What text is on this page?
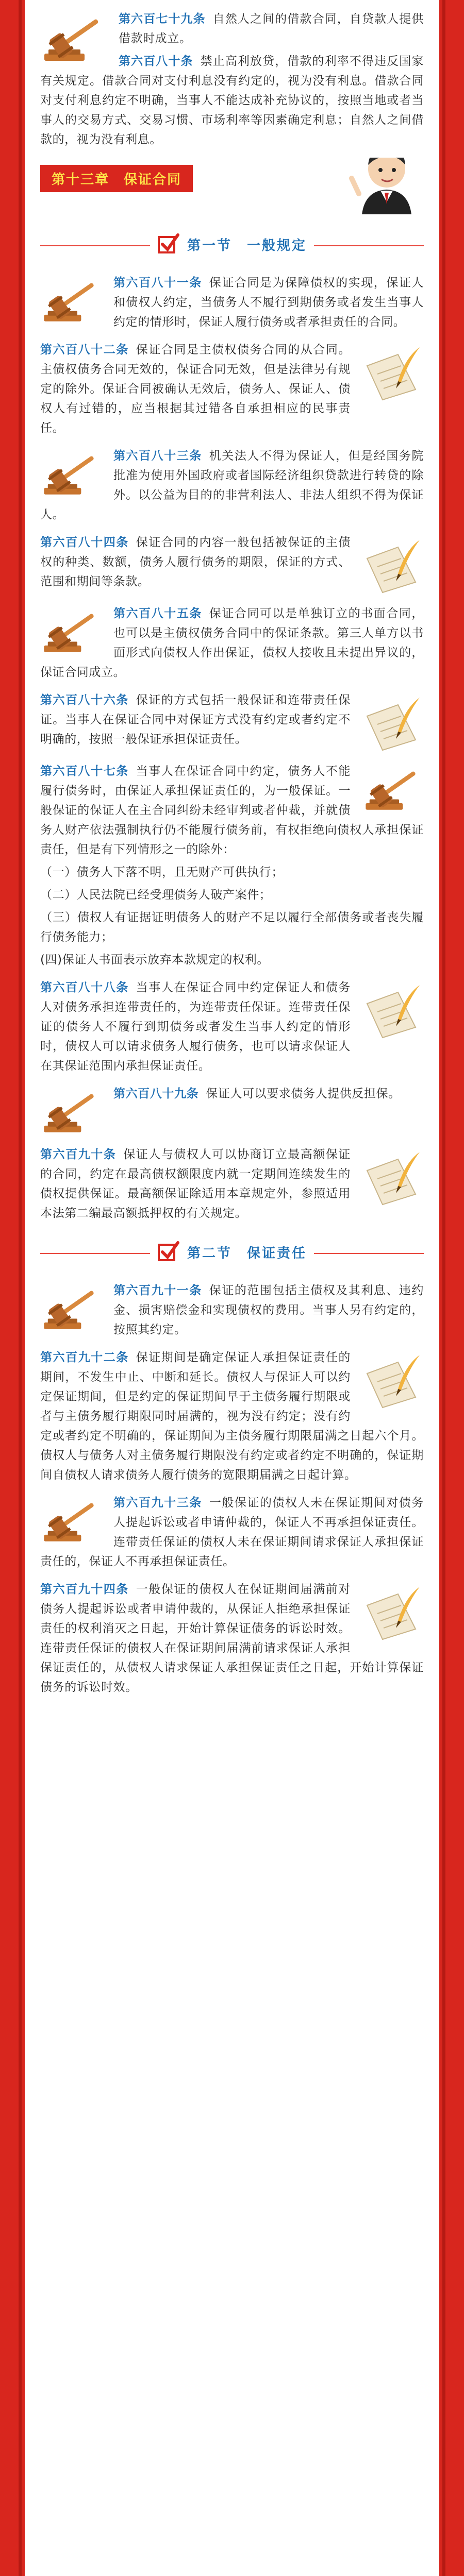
第六百七十九条 自然人之间的借款合同，自贷款人提供借款时成立。

第六百八十条 禁止高利放贷，借款的利率不得违反国家有关规定。借款合同对支付利息没有约定的，视为没有利息。借款合同对支付利息约定不明确，当事人不能达成补充协议的，按照当地或者当事人的交易方式、交易习惯、市场利率等因素确定利息；自然人之间借款的，视为没有利息。

第十三章　保证合同
第一节　一般规定

第六百八十一条 保证合同是为保障债权的实现，保证人和债权人约定，当债务人不履行到期债务或者发生当事人约定的情形时，保证人履行债务或者承担责任的合同。

第六百八十二条 保证合同是主债权债务合同的从合同。主债权债务合同无效的，保证合同无效，但是法律另有规定的除外。保证合同被确认无效后，债务人、保证人、债权人有过错的，应当根据其过错各自承担相应的民事责任。

第六百八十三条 机关法人不得为保证人，但是经国务院批准为使用外国政府或者国际经济组织贷款进行转贷的除外。以公益为目的的非营利法人、非法人组织不得为保证人。

第六百八十四条 保证合同的内容一般包括被保证的主债权的种类、数额，债务人履行债务的期限，保证的方式、范围和期间等条款。

第六百八十五条 保证合同可以是单独订立的书面合同，也可以是主债权债务合同中的保证条款。第三人单方以书面形式向债权人作出保证，债权人接收且未提出异议的，保证合同成立。

第六百八十六条 保证的方式包括一般保证和连带责任保证。当事人在保证合同中对保证方式没有约定或者约定不明确的，按照一般保证承担保证责任。

第六百八十七条 当事人在保证合同中约定，债务人不能履行债务时，由保证人承担保证责任的，为一般保证。一般保证的保证人在主合同纠纷未经审判或者仲裁，并就债务人财产依法强制执行仍不能履行债务前，有权拒绝向债权人承担保证责任，但是有下列情形之一的除外：

（一）债务人下落不明，且无财产可供执行；

（二）人民法院已经受理债务人破产案件；

（三）债权人有证据证明债务人的财产不足以履行全部债务或者丧失履行债务能力；

(四)保证人书面表示放弃本款规定的权利。

第六百八十八条 当事人在保证合同中约定保证人和债务人对债务承担连带责任的，为连带责任保证。连带责任保证的债务人不履行到期债务或者发生当事人约定的情形时，债权人可以请求债务人履行债务，也可以请求保证人在其保证范围内承担保证责任。

第六百八十九条 保证人可以要求债务人提供反担保。

第六百九十条 保证人与债权人可以协商订立最高额保证的合同，约定在最高债权额限度内就一定期间连续发生的债权提供保证。最高额保证除适用本章规定外，参照适用本法第二编最高额抵押权的有关规定。

第二节　保证责任

第六百九十一条 保证的范围包括主债权及其利息、违约金、损害赔偿金和实现债权的费用。当事人另有约定的，按照其约定。

第六百九十二条 保证期间是确定保证人承担保证责任的期间，不发生中止、中断和延长。债权人与保证人可以约定保证期间，但是约定的保证期间早于主债务履行期限或者与主债务履行期限同时届满的，视为没有约定；没有约定或者约定不明确的，保证期间为主债务履行期限届满之日起六个月。债权人与债务人对主债务履行期限没有约定或者约定不明确的，保证期间自债权人请求债务人履行债务的宽限期届满之日起计算。

第六百九十三条 一般保证的债权人未在保证期间对债务人提起诉讼或者申请仲裁的，保证人不再承担保证责任。连带责任保证的债权人未在保证期间请求保证人承担保证责任的，保证人不再承担保证责任。

第六百九十四条 一般保证的债权人在保证期间届满前对债务人提起诉讼或者申请仲裁的，从保证人拒绝承担保证责任的权利消灭之日起，开始计算保证债务的诉讼时效。连带责任保证的债权人在保证期间届满前请求保证人承担保证责任的，从债权人请求保证人承担保证责任之日起，开始计算保证债务的诉讼时效。
